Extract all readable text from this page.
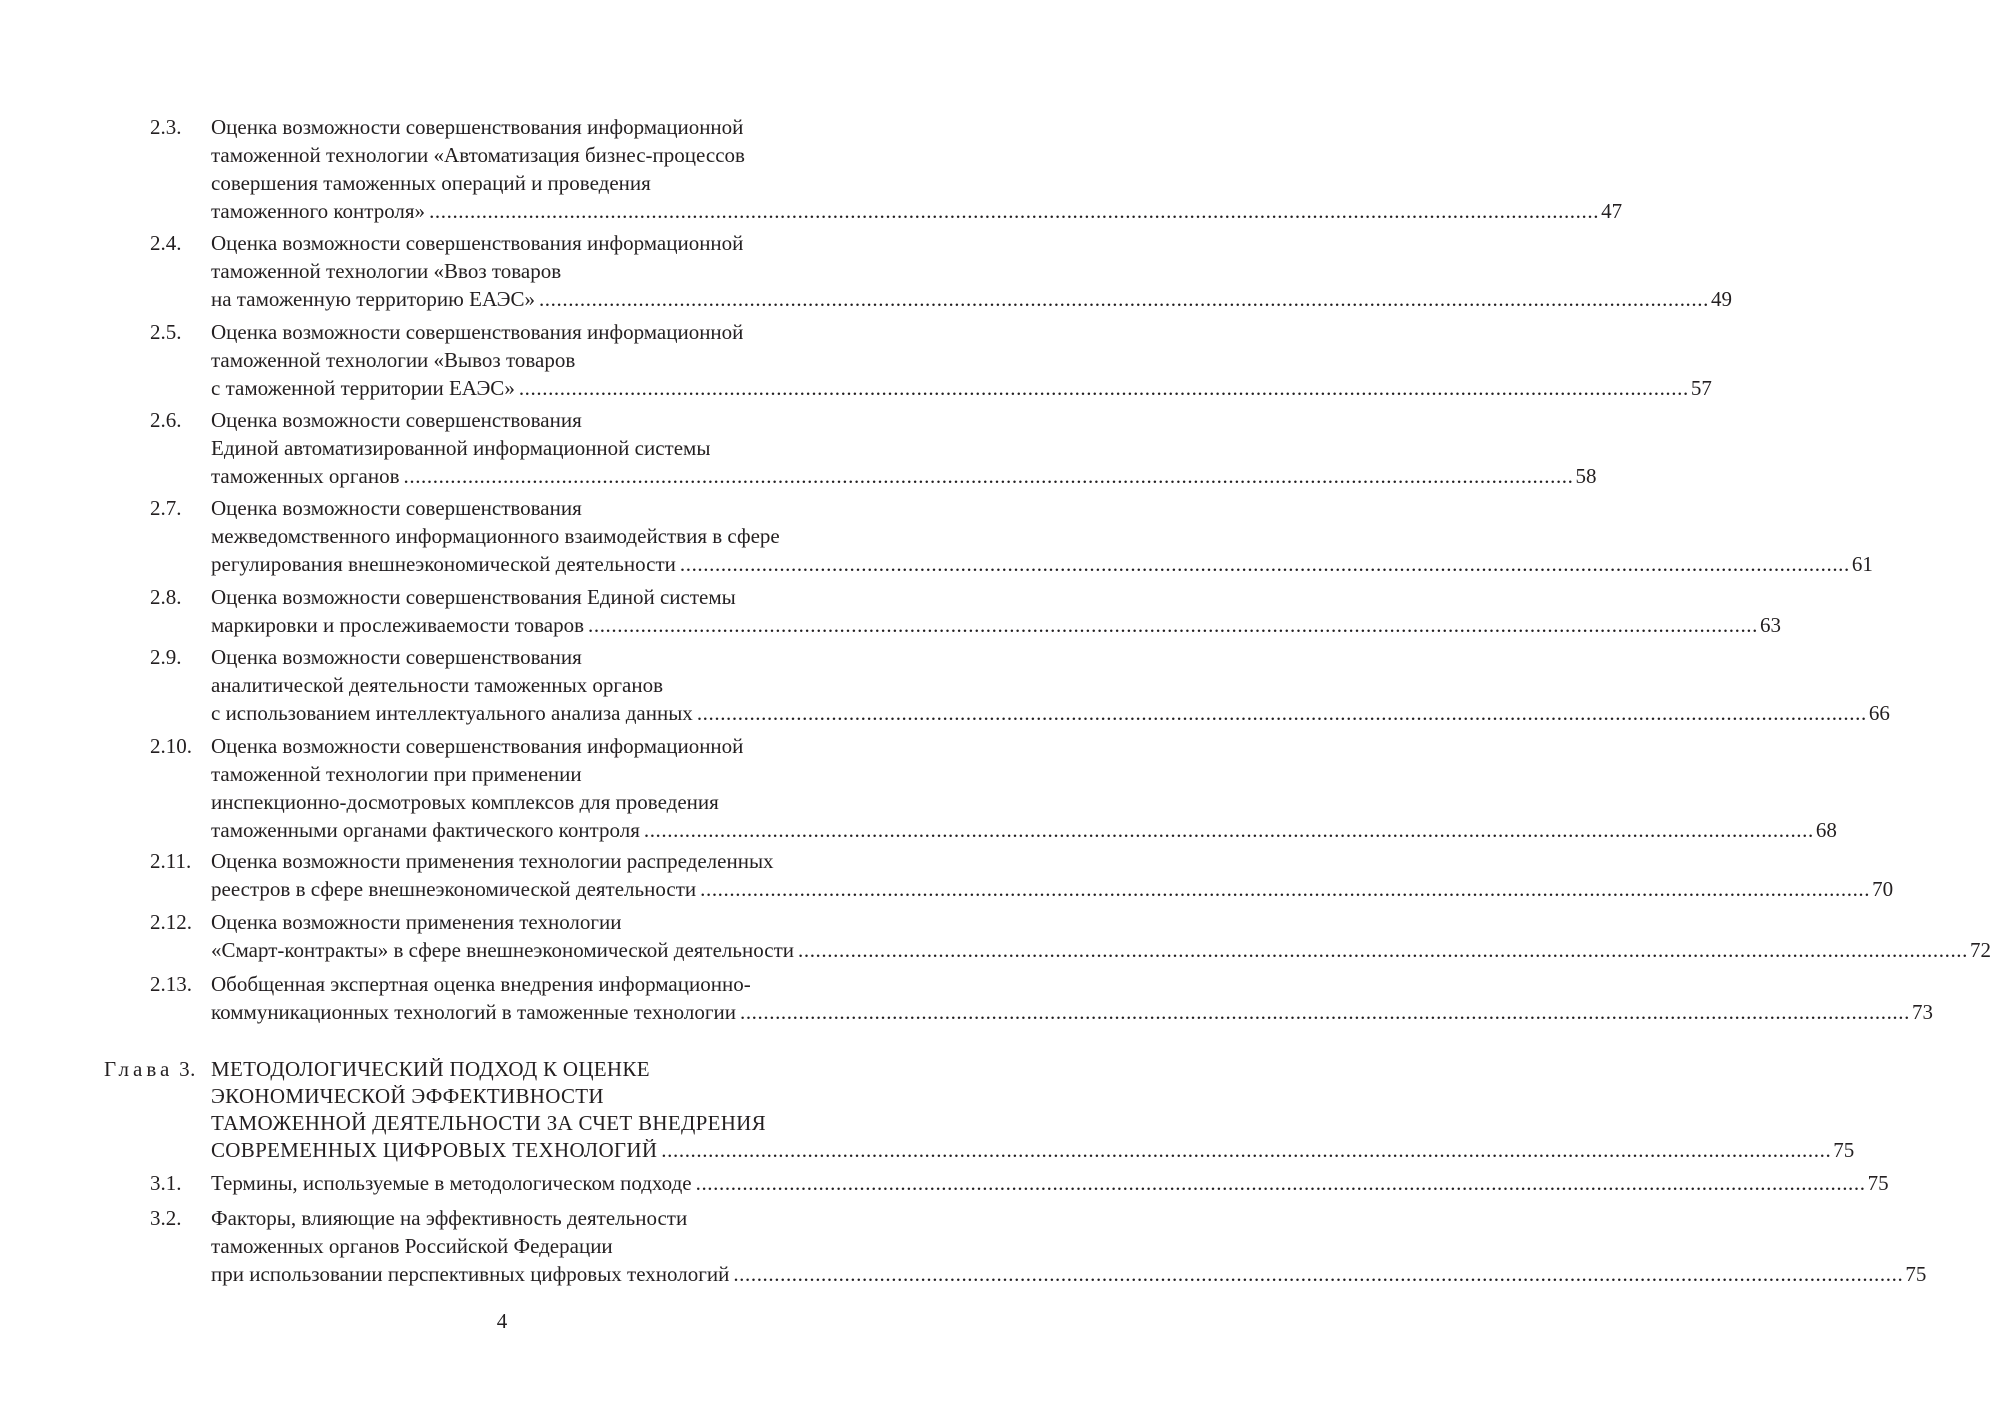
2.3. Оценка возможности совершенствования информационной
таможенной технологии «Автоматизация бизнес-процессов
совершения таможенных операций и проведения
таможенного контроля» ........................................................................................................................................................................................................ 47
2.4. Оценка возможности совершенствования информационной
таможенной технологии «Ввоз товаров
на таможенную территорию ЕАЭС» ........................................................................................................................................................................................................ 49
2.5. Оценка возможности совершенствования информационной
таможенной технологии «Вывоз товаров
с таможенной территории ЕАЭС» ........................................................................................................................................................................................................ 57
2.6. Оценка возможности совершенствования
Единой автоматизированной информационной системы
таможенных органов ........................................................................................................................................................................................................ 58
2.7. Оценка возможности совершенствования
межведомственного информационного взаимодействия в сфере
регулирования внешнеэкономической деятельности ........................................................................................................................................................................................................ 61
2.8. Оценка возможности совершенствования Единой системы
маркировки и прослеживаемости товаров ........................................................................................................................................................................................................ 63
2.9. Оценка возможности совершенствования
аналитической деятельности таможенных органов
с использованием интеллектуального анализа данных ........................................................................................................................................................................................................ 66
2.10. Оценка возможности совершенствования информационной
таможенной технологии при применении
инспекционно-досмотровых комплексов для проведения
таможенными органами фактического контроля ........................................................................................................................................................................................................ 68
2.11. Оценка возможности применения технологии распределенных
реестров в сфере внешнеэкономической деятельности ........................................................................................................................................................................................................ 70
2.12. Оценка возможности применения технологии
«Смарт-контракты» в сфере внешнеэкономической деятельности ........................................................................................................................................................................................................ 72
2.13. Обобщенная экспертная оценка внедрения информационно-
коммуникационных технологий в таможенные технологии ........................................................................................................................................................................................................ 73
Глава 3. МЕТОДОЛОГИЧЕСКИЙ ПОДХОД К ОЦЕНКЕ
ЭКОНОМИЧЕСКОЙ ЭФФЕКТИВНОСТИ
ТАМОЖЕННОЙ ДЕЯТЕЛЬНОСТИ ЗА СЧЕТ ВНЕДРЕНИЯ
СОВРЕМЕННЫХ ЦИФРОВЫХ ТЕХНОЛОГИЙ ........................................................................................................................................................................................................ 75
3.1. Термины, используемые в методологическом подходе ........................................................................................................................................................................................................ 75
3.2. Факторы, влияющие на эффективность деятельности
таможенных органов Российской Федерации
при использовании перспективных цифровых технологий ........................................................................................................................................................................................................ 75
4
